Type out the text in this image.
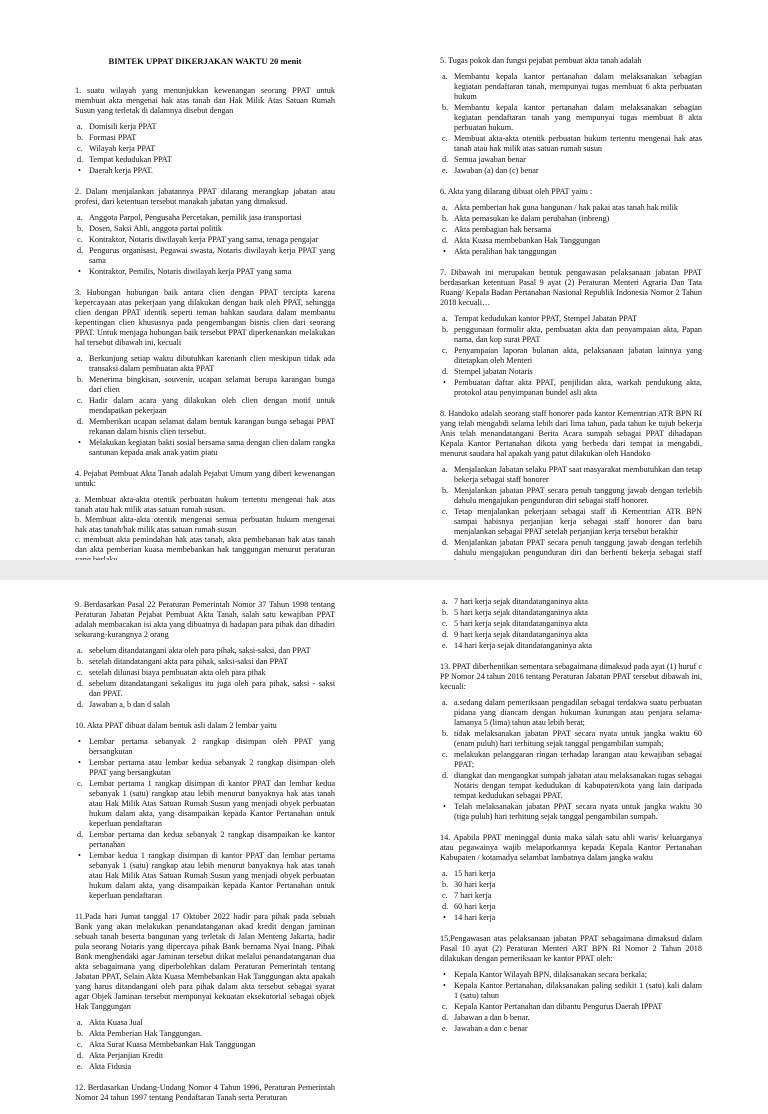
BIMTEK UPPAT DIKERJAKAN WAKTU 20 menit

1. suatu wilayah yang menunjukkan kewenangan seorang PPAT untuk membuat akta mengenai hak atas tanah dan Hak Milik Atas Satuan Rumah Susun yang terletak di dalamnya disebut dengan

a. Domisili kerja PPAT
b. Formasi PPAT
c. Wilayah kerja PPAT
d. Tempat kedudukan PPAT
• Daerah kerja PPAT.

2. Dalam menjalankan jabatannya PPAT dilarang merangkap jabatan atau profesi, dari ketentuan tersebut manakah jabatan yang dimaksud.

a. Anggota Parpol, Pengusaha Percetakan, pemilik jasa transportasi
b. Dosen, Saksi Ahli, anggota partai politik
c. Kontraktor, Notaris diwilayah kerja PPAT yang sama, tenaga pengajar
d. Pengurus organisasi, Pegawai swasta, Notaris diwilayah kerja PPAT yang sama
• Kontraktor, Pemilis, Notaris diwilayah kerja PPAT yang sama

3. Hubungan hubungan baik antara clien dengan PPAT tercipta karena kepercayaan atas pekerjaan yang dilakukan dengan baik oleh PPAT, sehingga clien dengan PPAT identik seperti teman bahkan saudara dalam membantu kepentingan clien khususnya pada pengembangan bisnis clien dari seorang PPAT. Untuk menjaga hubungan baik tersebut PPAT diperkenankan melakukan hal tersebut dibawah ini, kecuali

a. Berkunjung setiap waktu dibutuhkan karenanh clien meskipun tidak ada transaksi dalam pembuatan akta PPAT
b. Menerima bingkisan, souvenir, ucapan selamat berupa karangan bunga dari clien
c. Hadir dalam acara yang dilakukan oleh clien dengan motif untuk mendapatkan pekerjaan
d. Memberikan ucapan selamat dalam bentuk karangan bunga sebagai PPAT rekanan dalam bisnis clien tersebut.
• Melakukan kegiatan bakti sosial bersama sama dengan clien dalam rangka santunan kepada anak anak yatim piatu

4. Pejabat Pembuat Akta Tanah adalah Pejabat Umum yang diberi kewenangan untuk:

a. Membuat akta-akta otentik perbuatan hukum tertentu mengenai hak atas tanah atau hak milik atas satuan rumah susun.

b. Membuat akta-akta otentik mengenai semua perbuatan hukum mengenai hak atas tanah/hak milik atas satuan rumah susun

c. membuat akta pemindahan hak atas tanah, akta pembebanan hak atas tanah dan akta pemberian kuasa membebankan hak tanggungan menurut peraturan

5. Tugas pokok dan fungsi pejabat pembuat akta tanah adalah

a. Membantu kepala kantor pertanahan dalam melaksanakan sebagian kegiatan pendaftaran tanah, mempunyai tugas membuat 6 akta perbuatan hukum
b. Membantu kepala kantor pertanahan dalam melaksanakan sebagian kegiatan pendaftaran tanah yang mempunyai tugas membuat 8 akta perbuatan hukum.
c. Membuat akta-akta otentik perbuatan hukum tertentu mengenai hak atas tanah atau hak milik atas satuan rumah susun
d. Semua jawaban benar
e. Jawaban (a) dan (c) benar

6. Akta yang dilarang dibuat oleh PPAT yaitu :

a. Akta pemberian hak guna bangunan / hak pakai atas tanah hak milik
b. Akta pemasukan ke dalam perubahan (inbreng)
c. Akta pembagian hak bersama
d. Akta Kuasa membebankan Hak Tanggungan
• Akta peralihan hak tanggungan

7. Dibawah ini merupakan bentuk pengawasan pelaksanaan jabatan PPAT berdasarkan ketentuan Pasal 9 ayat (2) Peraturan Menteri Agraria Dan Tata Ruang/ Kepala Badan Pertanahan Nasional Republik Indonesia Nomor 2 Tahun 2018 kecuali…

a. Tempat kedudukan kantor PPAT, Stempel Jabatan PPAT
b. penggunaan formulir akta, pembuatan akta dan penyampaian akta, Papan nama, dan kop surat PPAT
c. Penyampaian laporan bulanan akta, pelaksanaan jabatan lainnya yang ditetapkan oleh Menteri
d. Stempel jabatan Notaris
• Pembuatan daftar akta PPAT, penjilidan akta, warkah pendukung akta, protokol atau penyimpanan bundel asli akta

8. Handoko adalah seorang staff honorer pada kantor Kementrian ATR BPN RI yang telah mengabdi selama lebih dari lima tahun, pada tahun ke tujuh bekerja Anis telah menandatangani Berita Acara sumpah sebagai PPAT dihadapan Kepala Kantor Pertanahan dikota yang berbeda dari tempat ia mengabdi, menurut saudara hal apakah yang patut dilakukan oleh Handoko

a. Menjalankan Jabatan selaku PPAT saat masyarakat membutuhkan dan tetap bekerja sebagai staff honorer
b. Menjalankan jabatan PPAT secara penuh tanggung jawab dengan terlebih dahulu mengajukan pengunduran diri sebagai staff honorer.
c. Tetap menjalankan pekerjaan sebagai staff di Kementrian ATR BPN sampai habisnya perjanjian kerja sebagai staff honorer dan baru menjalankan sebagai PPAT setelah perjanjian kerja tersebut berakhir
d. Menjalankan jabatan PPAT secara penuh tanggung jawab dengan terlebih dahulu mengajukan pengunduran diri dan berhenti bekerja sebagai staff

9. Berdasarkan Pasal 22 Peraturan Pemerintah Nomor 37 Tahun 1998 tentang Peraturan Jabatan Pejabat Pembuat Akta Tanah, salah satu kewajiban PPAT adalah membacakan isi akta yang dibuatnya di hadapan para pihak dan dihadiri sekurang-kurangnya 2 orang

a. sebelum ditandatangani akta oleh para pihak, saksi-saksi, dan PPAT
b. setelah ditandatangani akta para pihak, saksi-saksi dan PPAT
c. setelah dilunasi biaya pembuatan akta oleh para pihak
d. sebelum ditandatangani sekaligus itu juga oleh para pihak, saksi - saksi dan PPAT.
d. Jawaban a, b dan d salah

10. Akta PPAT dibuat dalam bentuk asli dalam 2 lembar yaitu

• Lembar pertama sebanyak 2 rangkap disimpan oleh PPAT yang bersangkutan
• Lembar pertama atau lembar kedua sebanyak 2 rangkap disimpan oleh PPAT yang bersangkutan
c. Lembar pertama 1 rangkap disimpan di kantor PPAT dan lembar kedua sebanyak 1 (satu) rangkap atau lebih menurut banyaknya hak atas tanah atau Hak Milik Atas Satuan Rumah Susun yang menjadi obyek perbuatan hukum dalam akta, yang disampaikan kepada Kantor Pertanahan untuk keperluan pendaftaran
d. Lembar pertama dan kedua sebanyak 2 rangkap disampaikan ke kantor pertanahan
• Lembar kedua 1 rangkap disimpan di kantor PPAT dan lembar pertama sebanyak 1 (satu) rangkap atau lebih menurut banyaknya hak atas tanah atau Hak Milik Atas Satuan Rumah Susun yang menjadi obyek perbuatan hukum dalam akta, yang disampaikan kepada Kantor Pertanahan untuk keperluan pendaftaran

11.Pada hari Jumat tanggal 17 Oktober 2022 hadir para pihak pada sebuah Bank yang akan melakukan penandatanganan akad kredit dengan jaminan sebuah tanah beserta bangunan yang terletak di Jalan Menteng Jakarta, hadir pula seorang Notaris yang dipercaya pihak Bank bernama Nyai Inang. Pihak Bank menghendaki agar Jaminan tersebut diikat melalui penandatanganan dua akta sebagaimana yang diperbolehkan dalam Peraturan Pemerintah tentang Jabatan PPAT, Selain Akta Kuasa Membebankan Hak Tanggungan akta apakah yang harus ditandangani oleh para pihak dalam akta tersebut sebagai syarat agar Objek Jaminan tersebut mempunyai kekuatan eksekutorial sebagai objek Hak Tanggungan

a. Akta Kuasa Jual
b. Akta Pemberian Hak Tanggungan.
c. Akta Surat Kuasa Membebankan Hak Tanggungan
d. Akta Perjanjian Kredit
e. Akta Fidusia

12. Berdasarkan Undang-Undang Nomor 4 Tahun 1996, Peraturan Pemerintah Nomor 24 tahun 1997 tentang Pendaftaran Tanah serta Peraturan

a. 7 hari kerja sejak ditandatanganinya akta
b. 5 hari kerja sejak ditandatanganinya akta
c. 5 hari kerja sejak ditandatanganinya akta
d. 9 hari kerja sejak ditandatanganinya akta
e. 14 hari kerja sejak ditandatanganinya akta

13. PPAT diberhentikan sementara sebagaimana dimaksud pada ayat (1) huruf c PP Nomor 24 tahun 2016 tentang Peraturan Jabatan PPAT tersebut dibawah ini, kecuali:

a. a.sedang dalam pemeriksaan pengadilan sebagai terdakwa suatu perbuatan pidana yang diancam dengan hukuman kurungan atau penjara selama-lamanya 5 (lima) tahun atau lebih berat;
b. tidak melaksanakan jabatan PPAT secara nyata untuk jangka waktu 60 (enam puluh) hari terhitung sejak tanggal pengambilan sumpah;
c. melakukan pelanggaran ringan terhadap larangan atau kewajiban sebagai PPAT;
d. diangkat dan mengangkat sumpah jabatan atau melaksanakan tugas sebagai Notaris dengan tempat kedudukan di kabupaten/kota yang lain daripada tempat kedudukan sebagai PPAT.
• Telah melaksanakan jabatan PPAT secara nyata untuk jangka waktu 30 (tiga puluh) hari terhitung sejak tanggal pengambilan sumpah.

14. Apabila PPAT meninggal dunia maka salah satu ahli waris/ keluarganya atau pegawainya wajib melaporkannya kepada Kepala Kantor Pertanahan Kabupaten / kotamadya selambat lambatnya dalam jangka waktu

a. 15 hari kerja
b. 30 hari kerja
c. 7 hari kerja
d. 60 hari kerja
• 14 hari kerja

15.Pengawasan atas pelaksanaan jabatan PPAT sebagaimana dimaksud dalam Pasal 10 ayat (2) Peraturan Menteri ART BPN RI Nomor 2 Tahun 2018 dilakukan dengan pemeriksaan ke kantor PPAT oleh:

• Kepala Kantor Wilayah BPN, dilaksanakan secara berkala;
• Kepala Kantor Pertanahan, dilaksanakan paling sedikit 1 (satu) kali dalam 1 (satu) tahun
c. Kepala Kantor Pertanahan dan dibantu Pengurus Daerah IPPAT
d. Jabawan a dan b benar.
e. Jawaban a dan c benar
